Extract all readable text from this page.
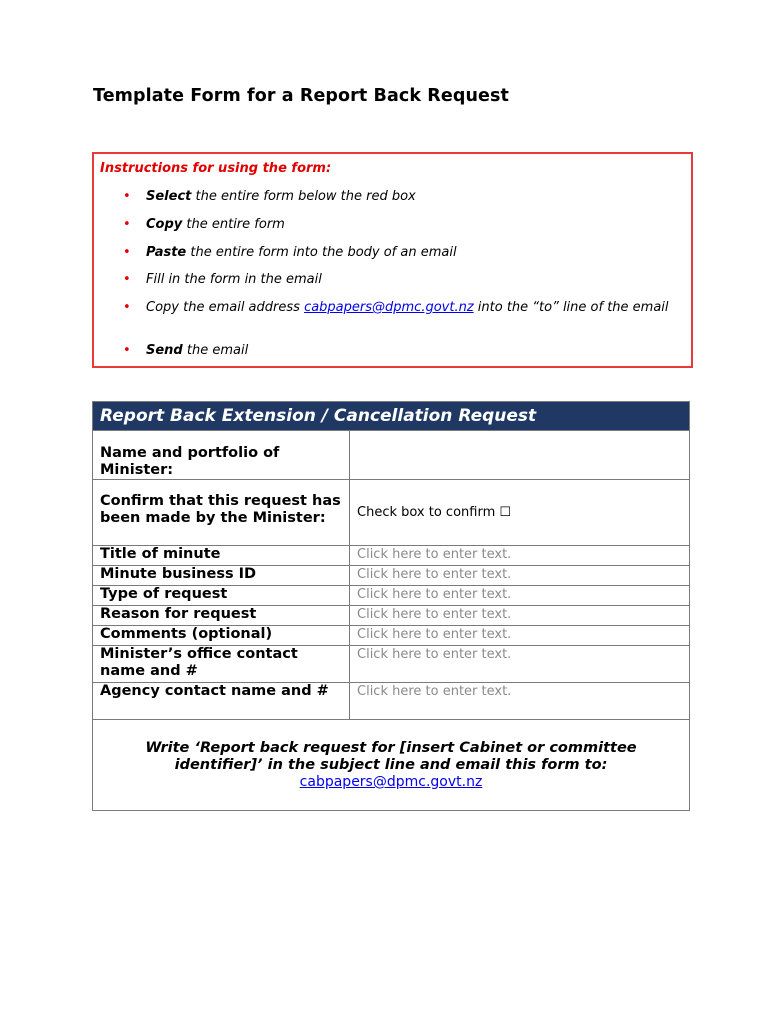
Template Form for a Report Back Request
Instructions for using the form:
• Select the entire form below the red box
• Copy the entire form
• Paste the entire form into the body of an email
• Fill in the form in the email
• Copy the email address cabpapers@dpmc.govt.nz into the “to” line of the email
• Send the email
Report Back Extension / Cancellation Request	
Name and portfolio of Minister:	
Confirm that this request has been made by the Minister:	Check box to confirm ☐
Title of minute	Click here to enter text.
Minute business ID	Click here to enter text.
Type of request	Click here to enter text.
Reason for request	Click here to enter text.
Comments (optional)	Click here to enter text.
Minister’s office contact name and #	Click here to enter text.
Agency contact name and #	Click here to enter text.

Write ‘Report back request for [insert Cabinet or committee identifier]’ in the subject line and email this form to:
cabpapers@dpmc.govt.nz	
